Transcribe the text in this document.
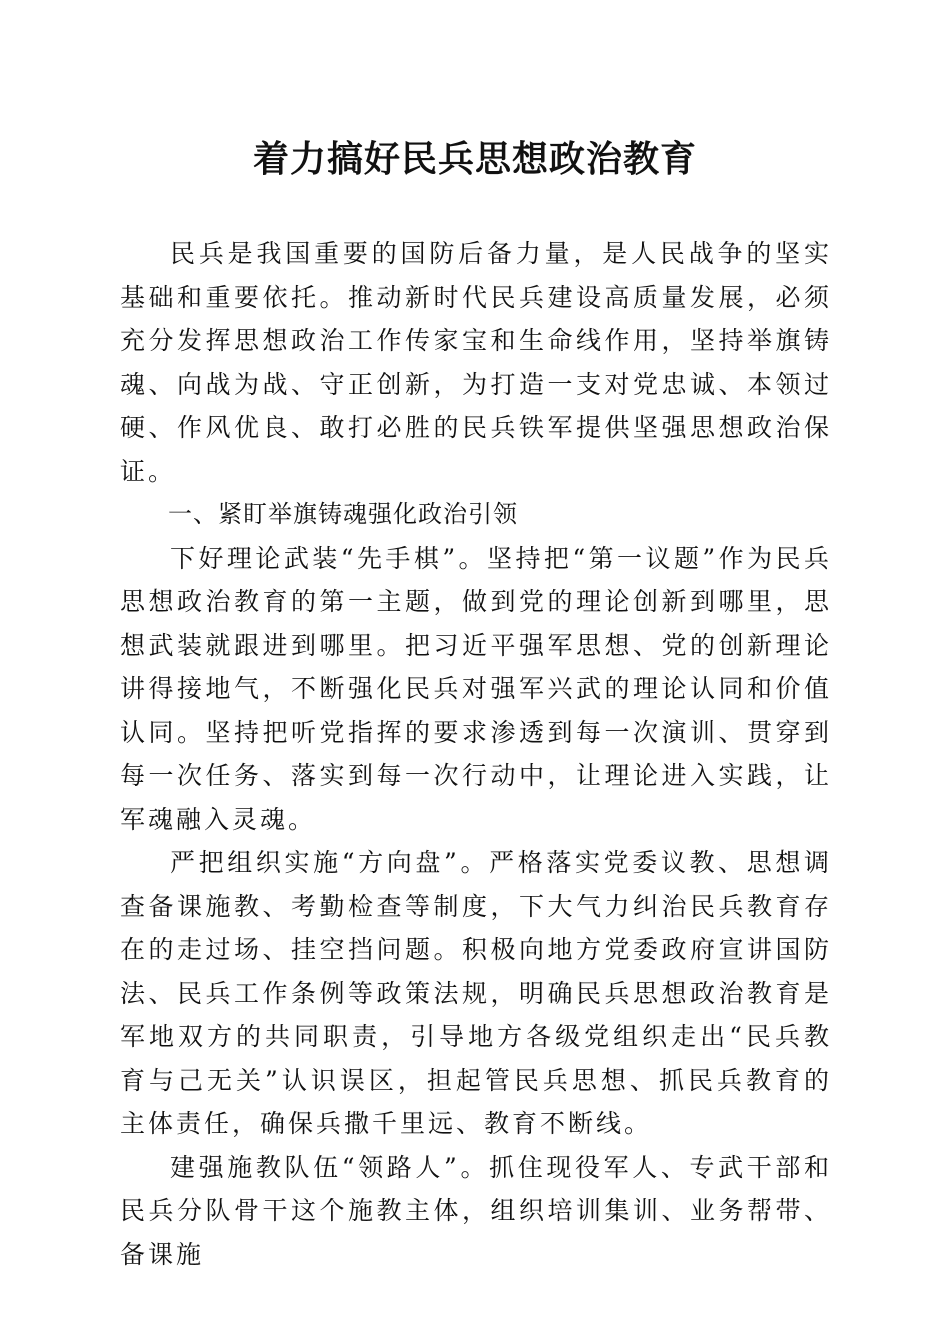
着力搞好民兵思想政治教育

民兵是我国重要的国防后备力量，是人民战争的坚实基础和重要依托。推动新时代民兵建设高质量发展，必须充分发挥思想政治工作传家宝和生命线作用，坚持举旗铸魂、向战为战、守正创新，为打造一支对党忠诚、本领过硬、作风优良、敢打必胜的民兵铁军提供坚强思想政治保证。

一、紧盯举旗铸魂强化政治引领

下好理论武装“先手棋”。坚持把“第一议题”作为民兵思想政治教育的第一主题，做到党的理论创新到哪里，思想武装就跟进到哪里。把习近平强军思想、党的创新理论讲得接地气，不断强化民兵对强军兴武的理论认同和价值认同。坚持把听党指挥的要求渗透到每一次演训、贯穿到每一次任务、落实到每一次行动中，让理论进入实践，让军魂融入灵魂。

严把组织实施“方向盘”。严格落实党委议教、思想调查备课施教、考勤检查等制度，下大气力纠治民兵教育存在的走过场、挂空挡问题。积极向地方党委政府宣讲国防法、民兵工作条例等政策法规，明确民兵思想政治教育是军地双方的共同职责，引导地方各级党组织走出“民兵教育与己无关”认识误区，担起管民兵思想、抓民兵教育的主体责任，确保兵撒千里远、教育不断线。

建强施教队伍“领路人”。抓住现役军人、专武干部和民兵分队骨干这个施教主体，组织培训集训、业务帮带、备课施
